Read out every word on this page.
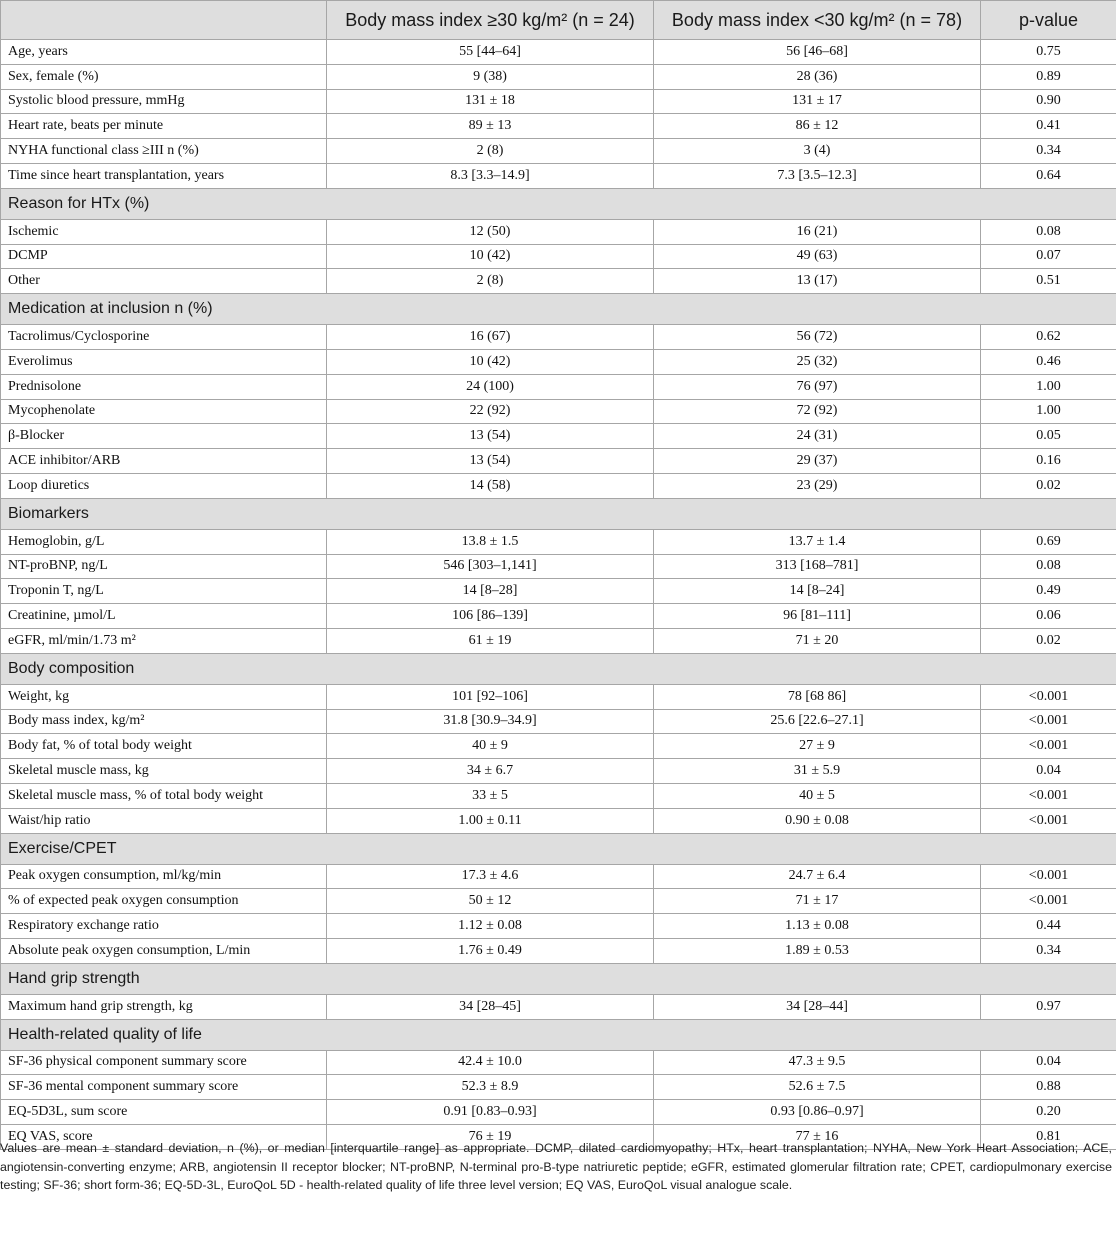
	Body mass index ≥30 kg/m² (n = 24)	Body mass index <30 kg/m² (n = 78)	p-value
Age, years	55 [44–64]	56 [46–68]	0.75
Sex, female (%)	9 (38)	28 (36)	0.89
Systolic blood pressure, mmHg	131 ± 18	131 ± 17	0.90
Heart rate, beats per minute	89 ± 13	86 ± 12	0.41
NYHA functional class ≥III n (%)	2 (8)	3 (4)	0.34
Time since heart transplantation, years	8.3 [3.3–14.9]	7.3 [3.5–12.3]	0.64
Reason for HTx (%)			
Ischemic	12 (50)	16 (21)	0.08
DCMP	10 (42)	49 (63)	0.07
Other	2 (8)	13 (17)	0.51
Medication at inclusion n (%)			
Tacrolimus/Cyclosporine	16 (67)	56 (72)	0.62
Everolimus	10 (42)	25 (32)	0.46
Prednisolone	24 (100)	76 (97)	1.00
Mycophenolate	22 (92)	72 (92)	1.00
β-Blocker	13 (54)	24 (31)	0.05
ACE inhibitor/ARB	13 (54)	29 (37)	0.16
Loop diuretics	14 (58)	23 (29)	0.02
Biomarkers			
Hemoglobin, g/L	13.8 ± 1.5	13.7 ± 1.4	0.69
NT-proBNP, ng/L	546 [303–1,141]	313 [168–781]	0.08
Troponin T, ng/L	14 [8–28]	14 [8–24]	0.49
Creatinine, µmol/L	106 [86–139]	96 [81–111]	0.06
eGFR, ml/min/1.73 m²	61 ± 19	71 ± 20	0.02
Body composition			
Weight, kg	101 [92–106]	78 [68 86]	<0.001
Body mass index, kg/m²	31.8 [30.9–34.9]	25.6 [22.6–27.1]	<0.001
Body fat, % of total body weight	40 ± 9	27 ± 9	<0.001
Skeletal muscle mass, kg	34 ± 6.7	31 ± 5.9	0.04
Skeletal muscle mass, % of total body weight	33 ± 5	40 ± 5	<0.001
Waist/hip ratio	1.00 ± 0.11	0.90 ± 0.08	<0.001
Exercise/CPET			
Peak oxygen consumption, ml/kg/min	17.3 ± 4.6	24.7 ± 6.4	<0.001
% of expected peak oxygen consumption	50 ± 12	71 ± 17	<0.001
Respiratory exchange ratio	1.12 ± 0.08	1.13 ± 0.08	0.44
Absolute peak oxygen consumption, L/min	1.76 ± 0.49	1.89 ± 0.53	0.34
Hand grip strength			
Maximum hand grip strength, kg	34 [28–45]	34 [28–44]	0.97
Health-related quality of life			
SF-36 physical component summary score	42.4 ± 10.0	47.3 ± 9.5	0.04
SF-36 mental component summary score	52.3 ± 8.9	52.6 ± 7.5	0.88
EQ-5D3L, sum score	0.91 [0.83–0.93]	0.93 [0.86–0.97]	0.20
EQ VAS, score	76 ± 19	77 ± 16	0.81
Values are mean ± standard deviation, n (%), or median [interquartile range] as appropriate. DCMP, dilated cardiomyopathy; HTx, heart transplantation; NYHA, New York Heart Association; ACE, angiotensin-converting enzyme; ARB, angiotensin II receptor blocker; NT-proBNP, N-terminal pro-B-type natriuretic peptide; eGFR, estimated glomerular filtration rate; CPET, cardiopulmonary exercise testing; SF-36; short form-36; EQ-5D-3L, EuroQoL 5D - health-related quality of life three level version; EQ VAS, EuroQoL visual analogue scale.
